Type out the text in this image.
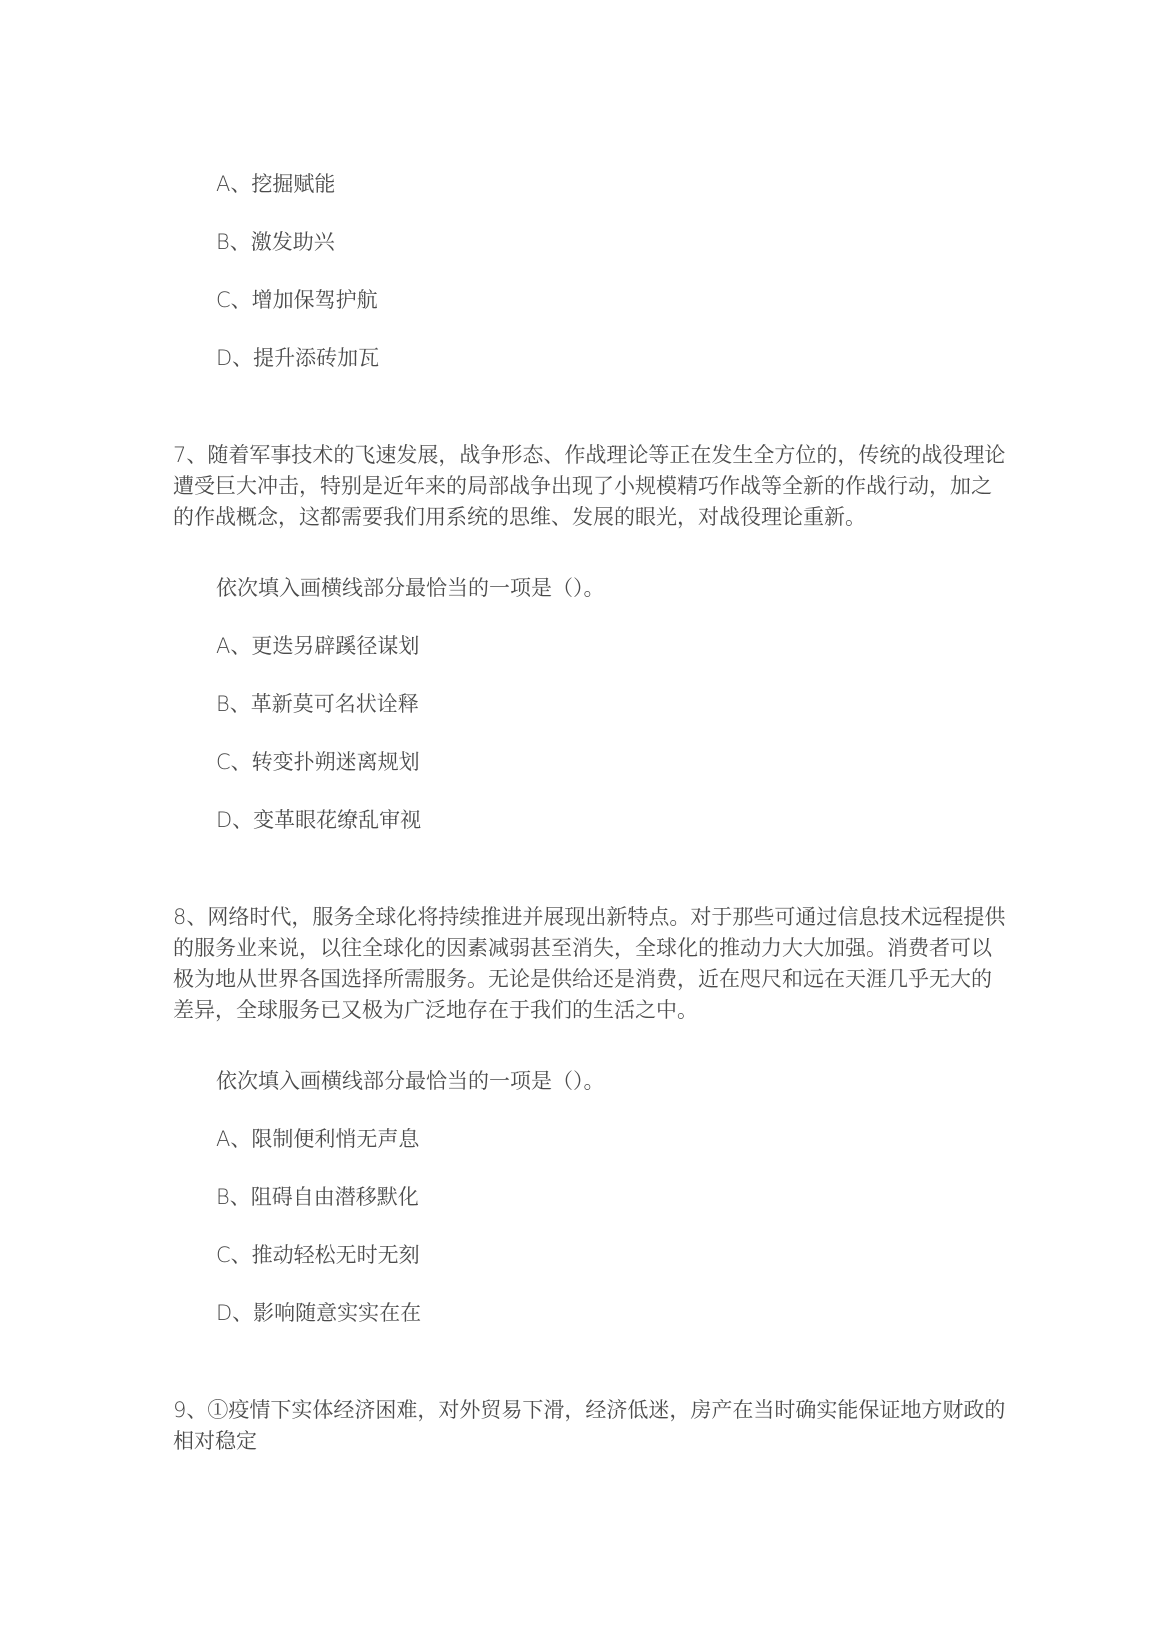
A、挖掘赋能
B、激发助兴
C、增加保驾护航
D、提升添砖加瓦
7、随着军事技术的飞速发展，战争形态、作战理论等正在发生全方位的，传统的战役理论
遭受巨大冲击，特别是近年来的局部战争出现了小规模精巧作战等全新的作战行动，加之
的作战概念，这都需要我们用系统的思维、发展的眼光，对战役理论重新。
依次填入画横线部分最恰当的一项是（）。
A、更迭另辟蹊径谋划
B、革新莫可名状诠释
C、转变扑朔迷离规划
D、变革眼花缭乱审视
8、网络时代，服务全球化将持续推进并展现出新特点。对于那些可通过信息技术远程提供
的服务业来说，以往全球化的因素减弱甚至消失，全球化的推动力大大加强。消费者可以
极为地从世界各国选择所需服务。无论是供给还是消费，近在咫尺和远在天涯几乎无大的
差异，全球服务已又极为广泛地存在于我们的生活之中。
依次填入画横线部分最恰当的一项是（）。
A、限制便利悄无声息
B、阻碍自由潜移默化
C、推动轻松无时无刻
D、影响随意实实在在
9、①疫情下实体经济困难，对外贸易下滑，经济低迷，房产在当时确实能保证地方财政的
相对稳定
